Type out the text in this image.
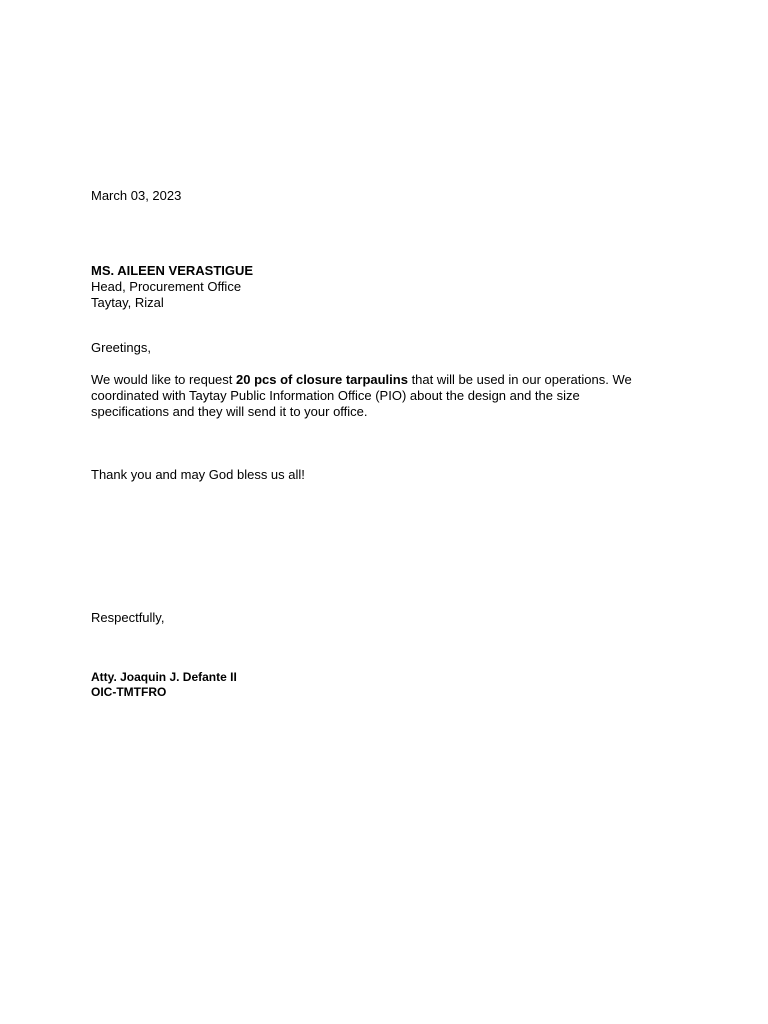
March 03, 2023
MS. AILEEN VERASTIGUE
Head, Procurement Office
Taytay, Rizal
Greetings,
We would like to request 20 pcs of closure tarpaulins that will be used in our operations. We
coordinated with Taytay Public Information Office (PIO) about the design and the size
specifications and they will send it to your office.
Thank you and may God bless us all!
Respectfully,
Atty. Joaquin J. Defante II
OIC-TMTFRO
